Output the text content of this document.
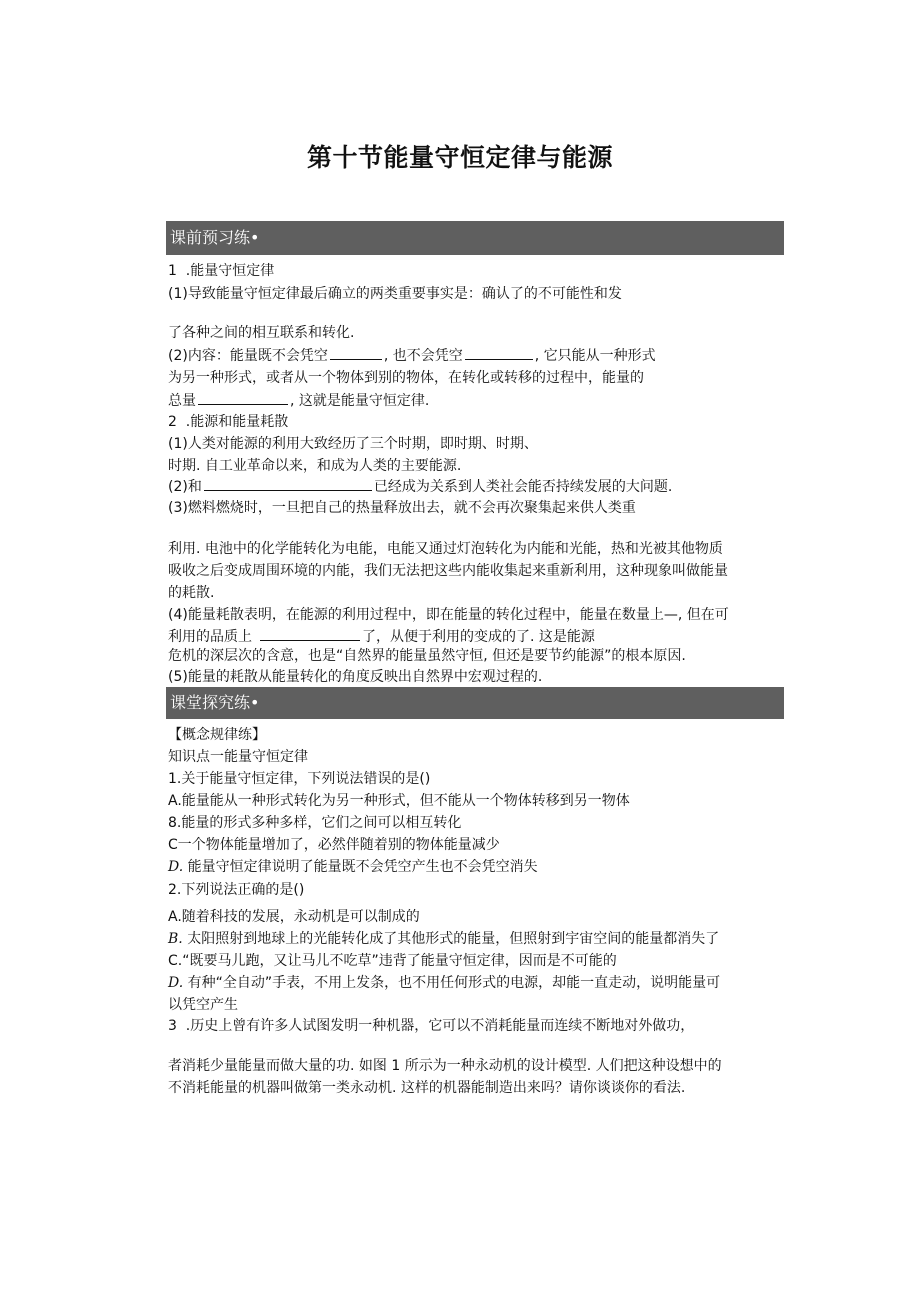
第十节能量守恒定律与能源
课前预习练•
1  .能量守恒定律
(1)导致能量守恒定律最后确立的两类重要事实是：确认了的不可能性和发
了各种之间的相互联系和转化.
(2)内容：能量既不会凭空	, 也不会凭空	, 它只能从一种形式
为另一种形式，或者从一个物体到别的物体，在转化或转移的过程中，能量的
总量	, 这就是能量守恒定律.
2  .能源和能量耗散
(1)人类对能源的利用大致经历了三个时期，即时期、时期、
时期. 自工业革命以来，和成为人类的主要能源.
(2)和	已经成为关系到人类社会能否持续发展的大问题.
(3)燃料燃烧时，一旦把自己的热量释放出去，就不会再次聚集起来供人类重
利用. 电池中的化学能转化为电能，电能又通过灯泡转化为内能和光能，热和光被其他物质
吸收之后变成周围环境的内能，我们无法把这些内能收集起来重新利用，这种现象叫做能量
的耗散.
(4)能量耗散表明，在能源的利用过程中，即在能量的转化过程中，能量在数量上—, 但在可
利用的品质上	了，从便于利用的变成的了. 这是能源
危机的深层次的含意，也是“自然界的能量虽然守恒, 但还是要节约能源”的根本原因.
(5)能量的耗散从能量转化的角度反映出自然界中宏观过程的.
课堂探究练•
【概念规律练】
知识点一能量守恒定律
1.关于能量守恒定律，下列说法错误的是()
A.能量能从一种形式转化为另一种形式，但不能从一个物体转移到另一物体
8.能量的形式多种多样，它们之间可以相互转化
C一个物体能量增加了，必然伴随着别的物体能量减少
D. 能量守恒定律说明了能量既不会凭空产生也不会凭空消失
2.下列说法正确的是()
A.随着科技的发展，永动机是可以制成的
B. 太阳照射到地球上的光能转化成了其他形式的能量，但照射到宇宙空间的能量都消失了
C.“既要马儿跑，又让马儿不吃草”违背了能量守恒定律，因而是不可能的
D. 有种“全自动”手表，不用上发条，也不用任何形式的电源，却能一直走动，说明能量可
以凭空产生
3  .历史上曾有许多人试图发明一种机器，它可以不消耗能量而连续不断地对外做功，
者消耗少量能量而做大量的功. 如图 1 所示为一种永动机的设计模型. 人们把这种设想中的
不消耗能量的机器叫做第一类永动机. 这样的机器能制造出来吗？请你谈谈你的看法.
